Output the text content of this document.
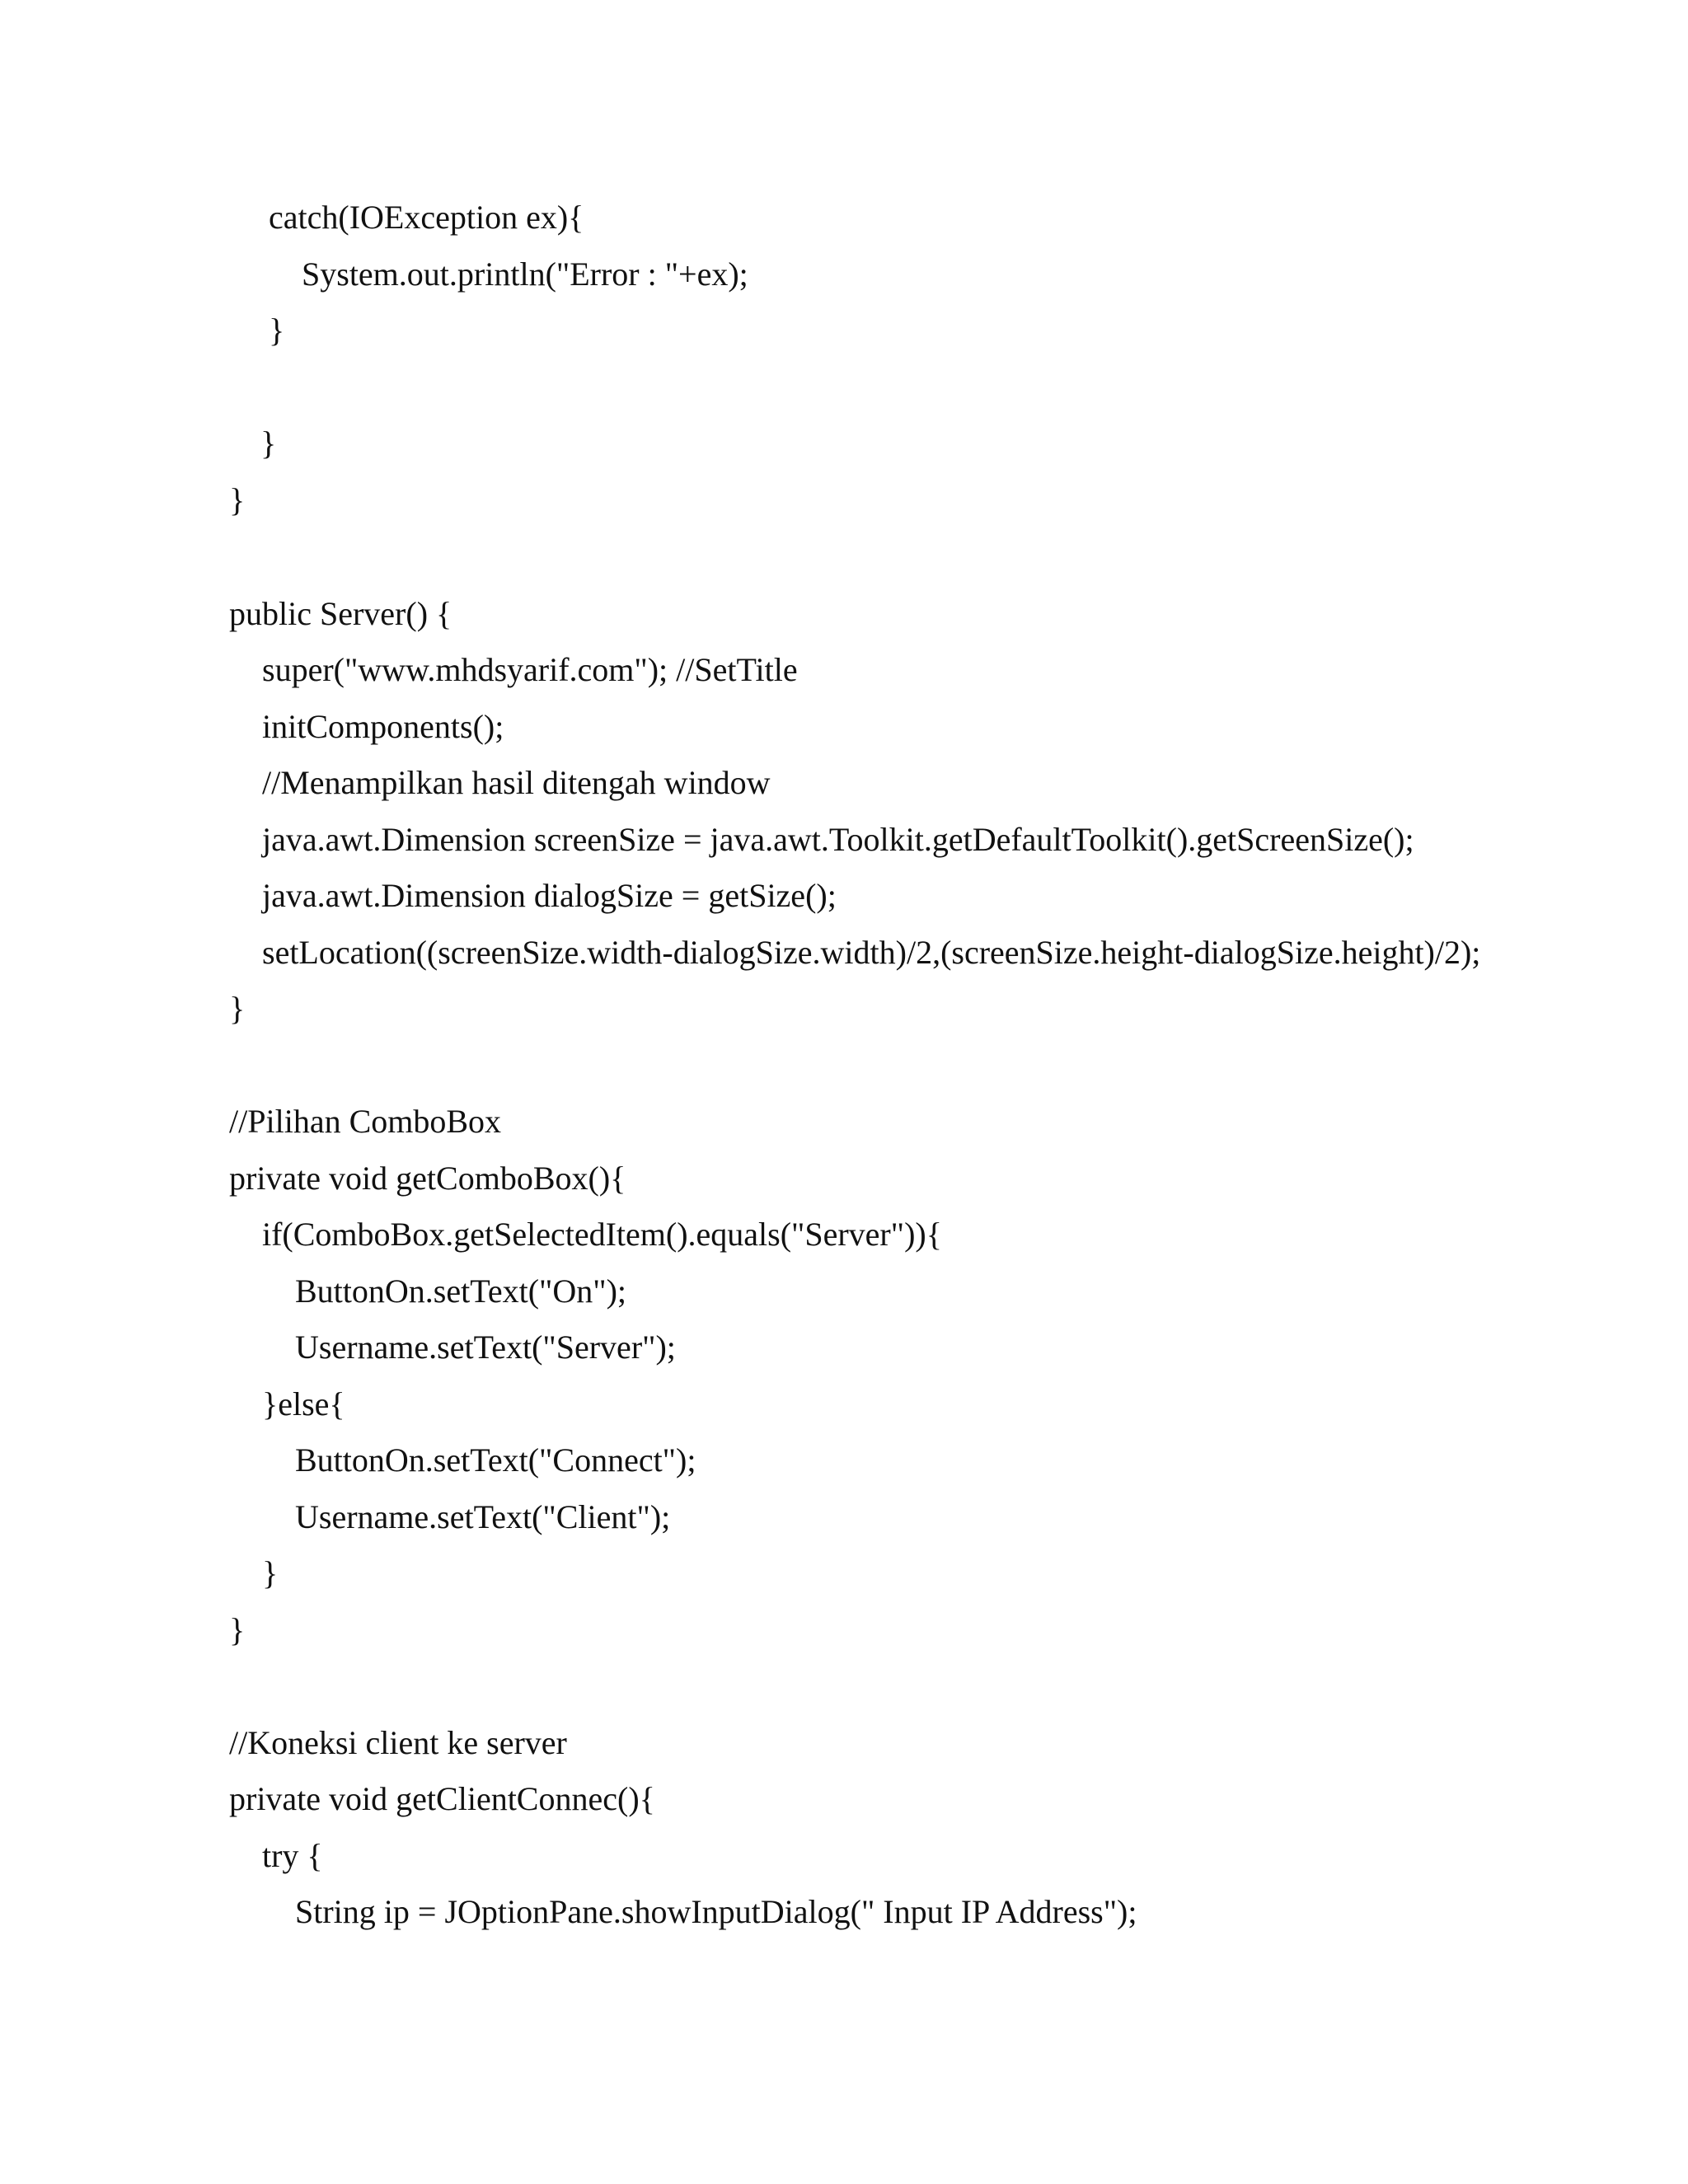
catch(IOException ex){
System.out.println("Error : "+ex);
}
}
}
public Server() {
super("www.mhdsyarif.com"); //SetTitle
initComponents();
//Menampilkan hasil ditengah window
java.awt.Dimension screenSize = java.awt.Toolkit.getDefaultToolkit().getScreenSize();
java.awt.Dimension dialogSize = getSize();
setLocation((screenSize.width-dialogSize.width)/2,(screenSize.height-dialogSize.height)/2);
}
//Pilihan ComboBox
private void getComboBox(){
if(ComboBox.getSelectedItem().equals("Server")){
ButtonOn.setText("On");
Username.setText("Server");
}else{
ButtonOn.setText("Connect");
Username.setText("Client");
}
}
//Koneksi client ke server
private void getClientConnec(){
try {
String ip = JOptionPane.showInputDialog(" Input IP Address");
